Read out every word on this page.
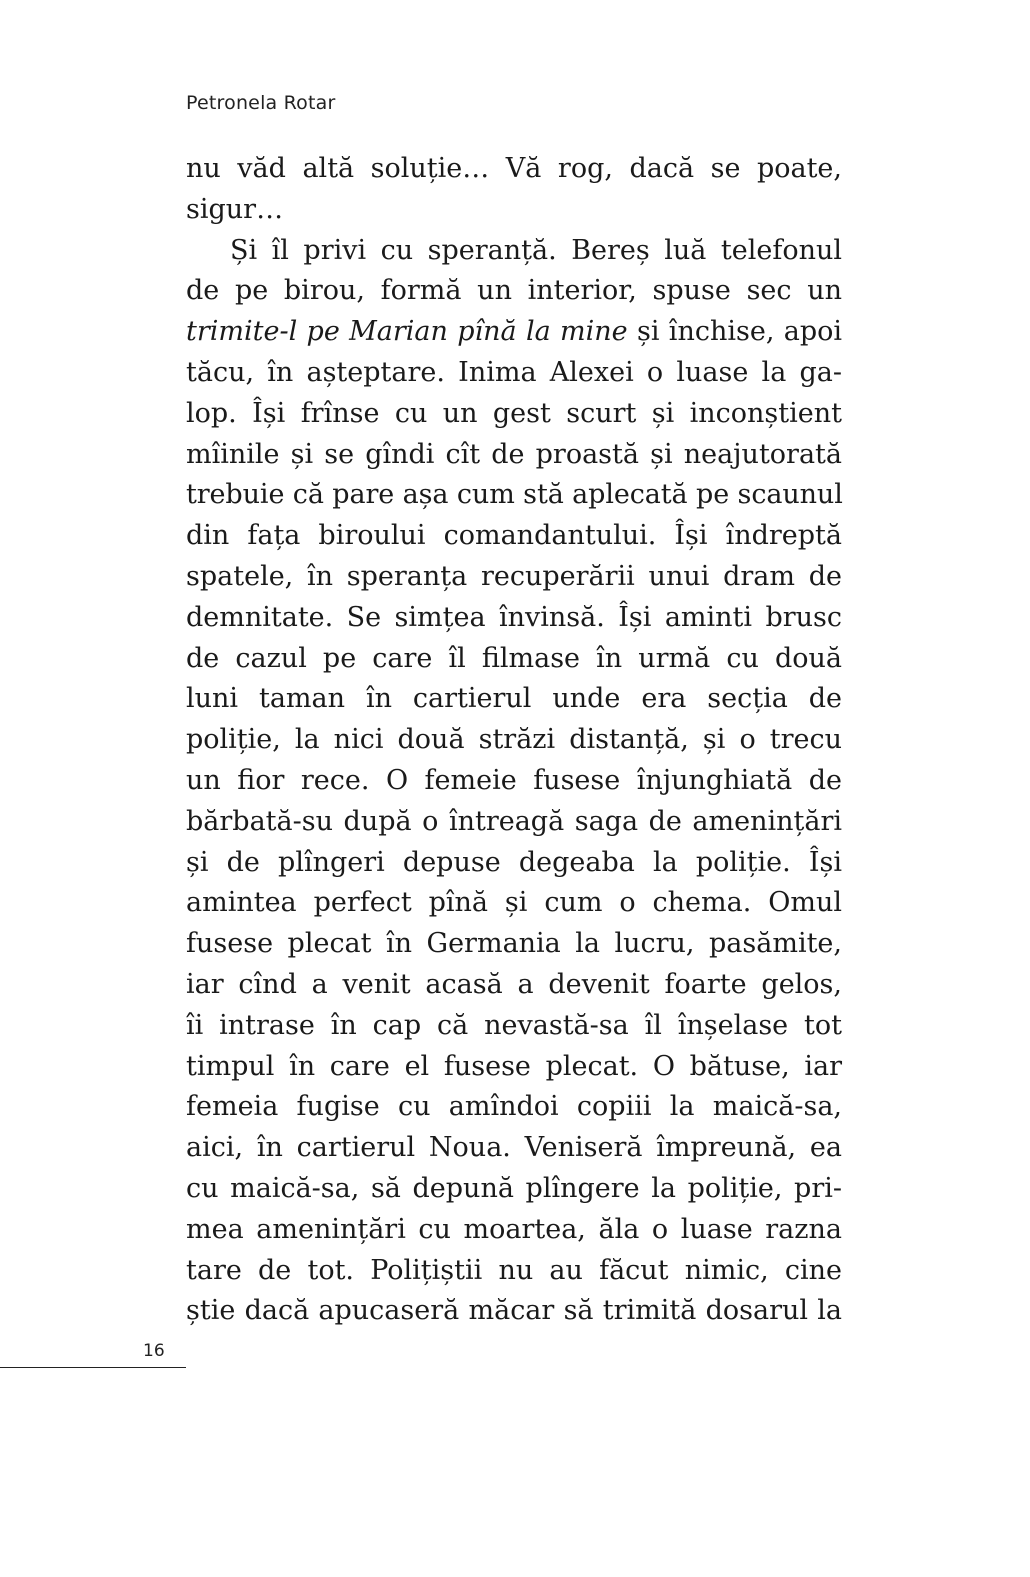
Petronela Rotar

nu văd altă soluție… Vă rog, dacă se poate,
sigur…
Și îl privi cu speranță. Bereș luă telefonul
de pe birou, formă un interior, spuse sec un
trimite-l pe Marian pînă la mine și închise, apoi
tăcu, în așteptare. Inima Alexei o luase la ga-
lop. Își frînse cu un gest scurt și inconștient
mîinile și se gîndi cît de proastă și neajutorată
trebuie că pare așa cum stă aplecată pe scaunul
din fața biroului comandantului. Își îndreptă
spatele, în speranța recuperării unui dram de
demnitate. Se simțea învinsă. Își aminti brusc
de cazul pe care îl filmase în urmă cu două
luni taman în cartierul unde era secția de
poliție, la nici două străzi distanță, și o trecu
un fior rece. O femeie fusese înjunghiată de
bărbată-su după o întreagă saga de amenințări
și de plîngeri depuse degeaba la poliție. Își
amintea perfect pînă și cum o chema. Omul
fusese plecat în Germania la lucru, pasămite,
iar cînd a venit acasă a devenit foarte gelos,
îi intrase în cap că nevastă-sa îl înșelase tot
timpul în care el fusese plecat. O bătuse, iar
femeia fugise cu amîndoi copiii la maică-sa,
aici, în cartierul Noua. Veniseră împreună, ea
cu maică-sa, să depună plîngere la poliție, pri-
mea amenințări cu moartea, ăla o luase razna
tare de tot. Polițiștii nu au făcut nimic, cine
știe dacă apucaseră măcar să trimită dosarul la

16
